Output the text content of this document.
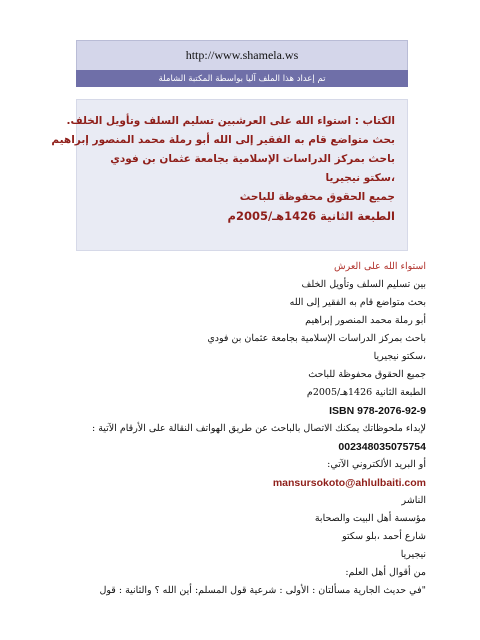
http://www.shamela.ws
تم إعداد هذا الملف آليا بواسطة المكتبة الشاملة
الكتاب : استواء الله على العرشبين تسليم السلف وتأويل الخلف.
بحث متواضع قام به الفقير إلى الله أبو رملة محمد المنصور إبراهيم
باحث بمركز الدراسات الإسلامية بجامعة عثمان بن فودي
،سكتو نيجيريا
جميع الحقوق محفوظة للباحث
الطبعة الثانية 1426هـ/2005م
استواء الله على العرش
بين تسليم السلف وتأويل الخلف
بحث متواضع قام به الفقير إلى الله
أبو رملة محمد المنصور إبراهيم
باحث بمركز الدراسات الإسلامية بجامعة عثمان بن فودي
،سكتو نيجيريا
جميع الحقوق محفوظة للباحث
الطبعة الثانية 1426هـ/2005م
ISBN 978-2076-92-9
لإبداء ملحوظاتك يمكنك الاتصال بالباحث عن طريق الهواتف النقالة على الأرقام الآتية :
002348035075754
أو البريد الألكتروني الآتي:
mansursokoto@ahlulbaiti.com
الناشر
مؤسسة أهل البيت والصحابة
شارع أحمد ،بلو سكتو
نيجيريا
من أقوال أهل العلم:
"في حديث الجارية مسألتان : الأولى : شرعية قول المسلم: أين الله ؟ والثانية : قول
